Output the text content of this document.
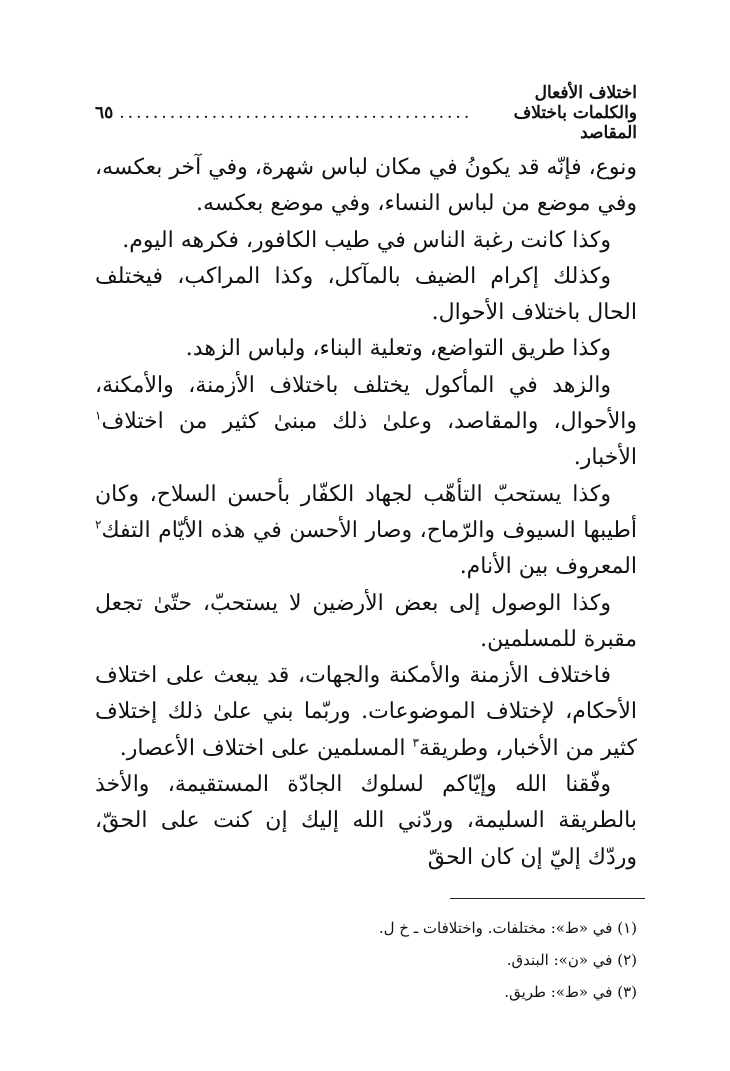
اختلاف الأفعال والكلمات باختلاف المقاصد
..........................................
٦٥

ونوع، فإنّه قد يكونُ في مكان لباس شهرة، وفي آخر بعكسه، وفي موضع من لباس النساء، وفي موضع بعكسه.

وكذا كانت رغبة الناس في طيب الكافور، فكرهه اليوم.

وكذلك إكرام الضيف بالمآكل، وكذا المراكب، فيختلف الحال باختلاف الأحوال.

وكذا طريق التواضع، وتعلية البناء، ولباس الزهد.

والزهد في المأكول يختلف باختلاف الأزمنة، والأمكنة، والأحوال، والمقاصد، وعلىٰ ذلك مبنىٰ كثير من اختلاف$^١$ الأخبار.

وكذا يستحبّ التأهّب لجهاد الكفّار بأحسن السلاح، وكان أطيبها السيوف والرّماح، وصار الأحسن في هذه الأيّام التفك$^٢$ المعروف بين الأنام.

وكذا الوصول إلى بعض الأرضين لا يستحبّ، حتّىٰ تجعل مقبرة للمسلمين.

فاختلاف الأزمنة والأمكنة والجهات، قد يبعث على اختلاف الأحكام، لإختلاف الموضوعات. وربّما بني علىٰ ذلك إختلاف كثير من الأخبار، وطريقة$^٣$ المسلمين على اختلاف الأعصار.

وفّقنا الله وإيّاكم لسلوك الجادّة المستقيمة، والأخذ بالطريقة السليمة، وردّني الله إليك إن كنت على الحقّ، وردّك إليّ إن كان الحقّ

(١) في «ط»: مختلفات. واختلافات ـ خ ل.
(٢) في «ن»: البندق.
(٣) في «ط»: طريق.
